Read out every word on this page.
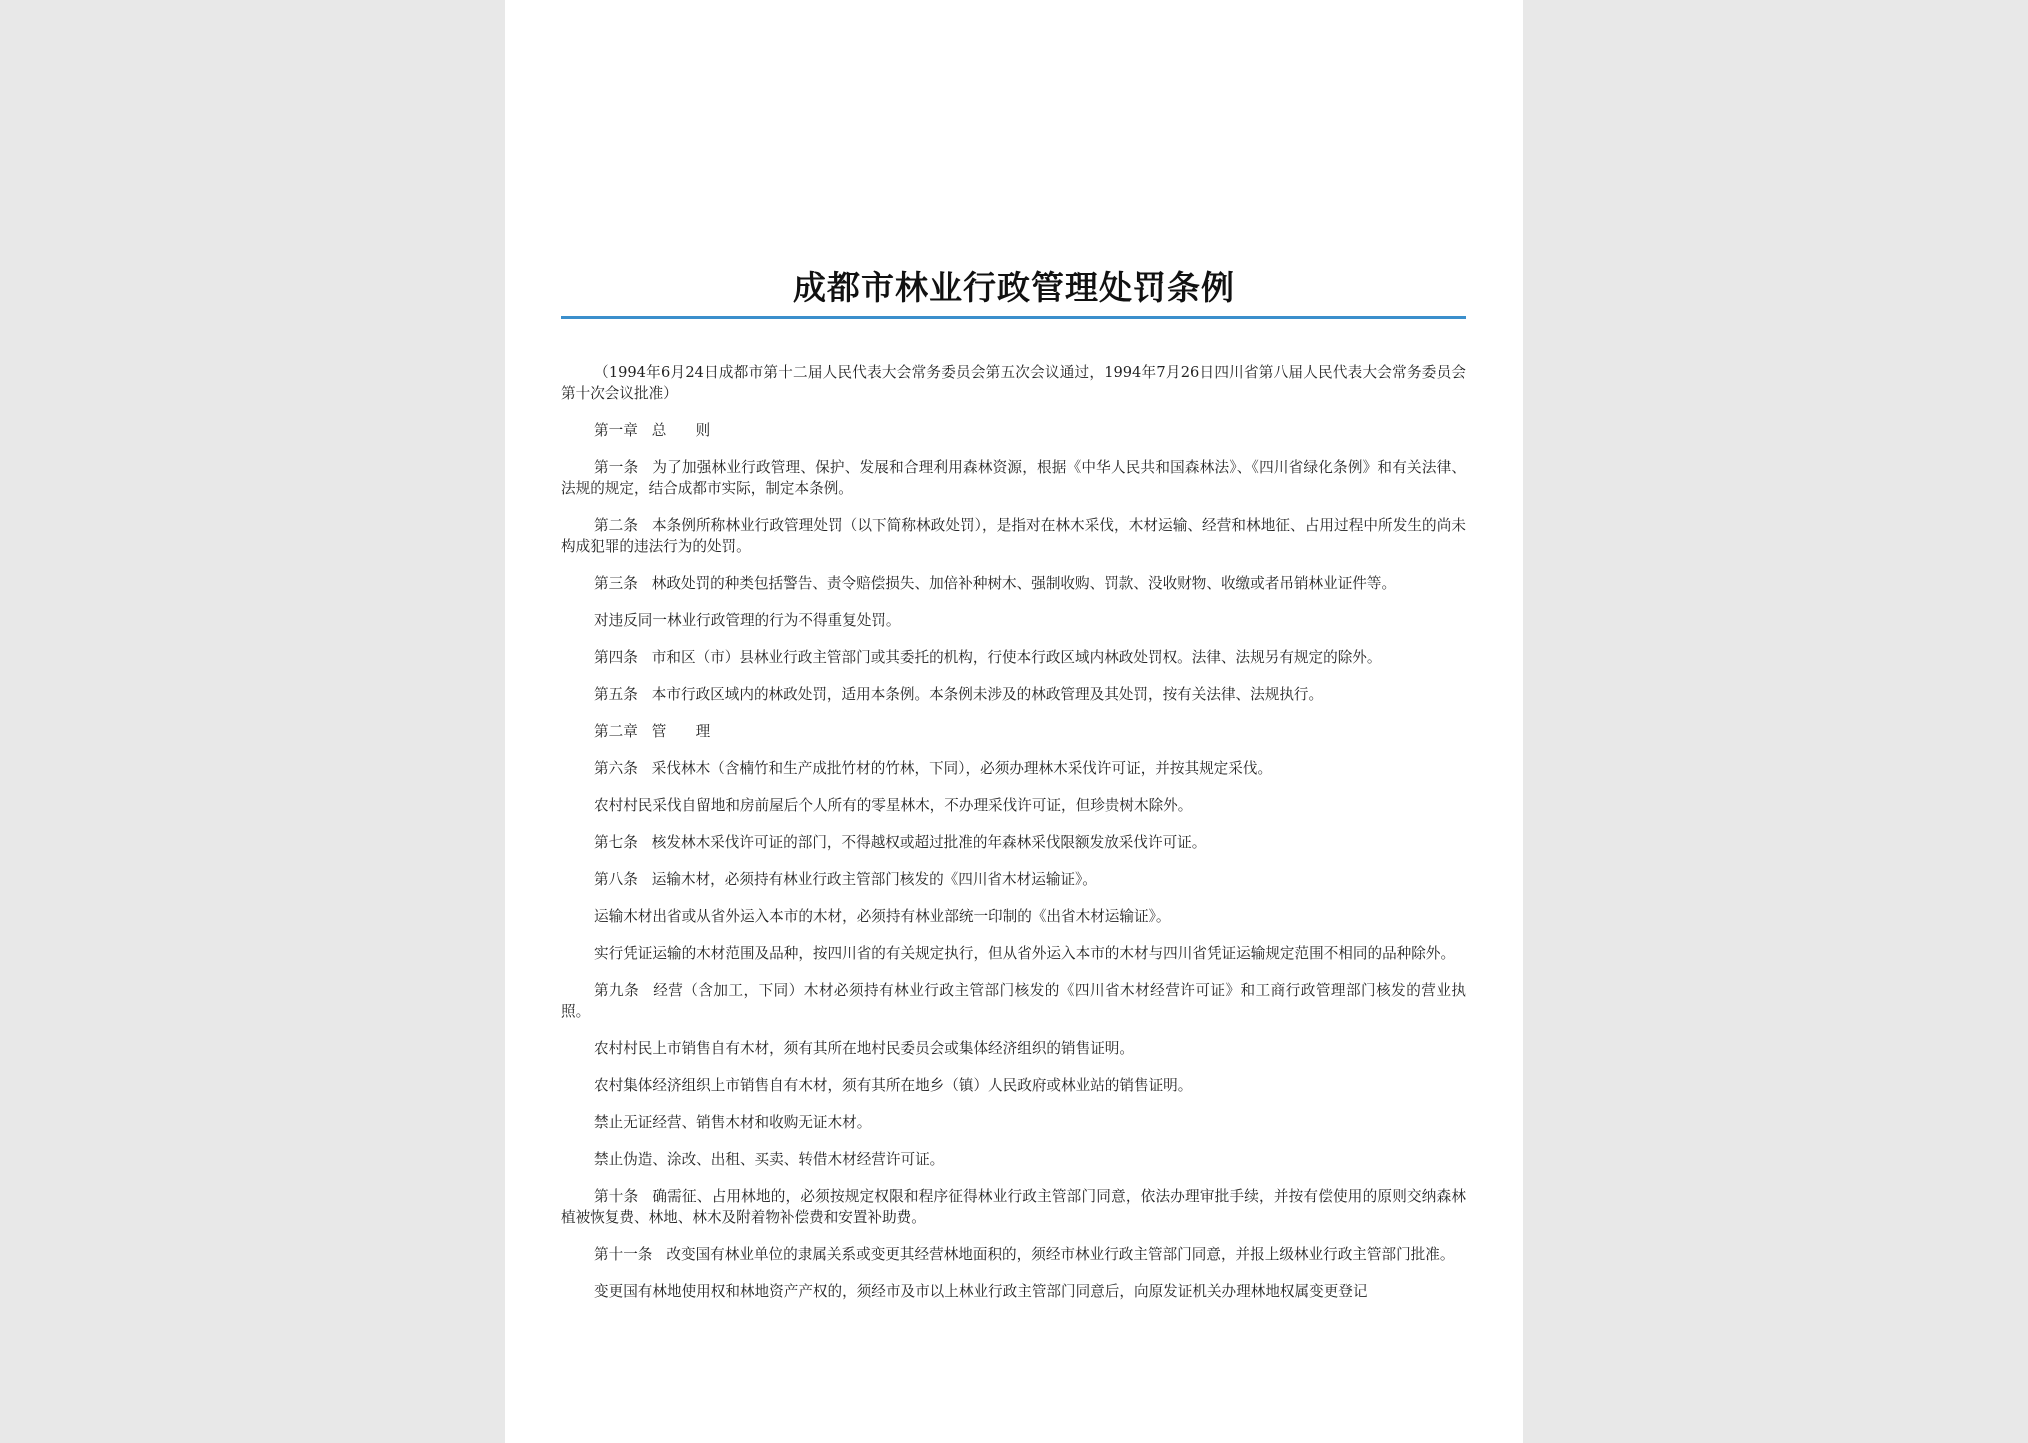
成都市林业行政管理处罚条例

（1994年6月24日成都市第十二届人民代表大会常务委员会第五次会议通过，1994年7月26日四川省第八届人民代表大会常务委员会第十次会议批准）

第一章 总　　则

第一条 为了加强林业行政管理、保护、发展和合理利用森林资源，根据《中华人民共和国森林法》、《四川省绿化条例》和有关法律、法规的规定，结合成都市实际，制定本条例。

第二条 本条例所称林业行政管理处罚（以下简称林政处罚），是指对在林木采伐，木材运输、经营和林地征、占用过程中所发生的尚未构成犯罪的违法行为的处罚。

第三条 林政处罚的种类包括警告、责令赔偿损失、加倍补种树木、强制收购、罚款、没收财物、收缴或者吊销林业证件等。

对违反同一林业行政管理的行为不得重复处罚。

第四条 市和区（市）县林业行政主管部门或其委托的机构，行使本行政区域内林政处罚权。法律、法规另有规定的除外。

第五条 本市行政区域内的林政处罚，适用本条例。本条例未涉及的林政管理及其处罚，按有关法律、法规执行。

第二章 管　　理

第六条 采伐林木（含楠竹和生产成批竹材的竹林，下同），必须办理林木采伐许可证，并按其规定采伐。

农村村民采伐自留地和房前屋后个人所有的零星林木，不办理采伐许可证，但珍贵树木除外。

第七条 核发林木采伐许可证的部门，不得越权或超过批准的年森林采伐限额发放采伐许可证。

第八条 运输木材，必须持有林业行政主管部门核发的《四川省木材运输证》。

运输木材出省或从省外运入本市的木材，必须持有林业部统一印制的《出省木材运输证》。

实行凭证运输的木材范围及品种，按四川省的有关规定执行，但从省外运入本市的木材与四川省凭证运输规定范围不相同的品种除外。

第九条 经营（含加工，下同）木材必须持有林业行政主管部门核发的《四川省木材经营许可证》和工商行政管理部门核发的营业执照。

农村村民上市销售自有木材，须有其所在地村民委员会或集体经济组织的销售证明。

农村集体经济组织上市销售自有木材，须有其所在地乡（镇）人民政府或林业站的销售证明。

禁止无证经营、销售木材和收购无证木材。

禁止伪造、涂改、出租、买卖、转借木材经营许可证。

第十条 确需征、占用林地的，必须按规定权限和程序征得林业行政主管部门同意，依法办理审批手续，并按有偿使用的原则交纳森林植被恢复费、林地、林木及附着物补偿费和安置补助费。

第十一条 改变国有林业单位的隶属关系或变更其经营林地面积的，须经市林业行政主管部门同意，并报上级林业行政主管部门批准。

变更国有林地使用权和林地资产产权的，须经市及市以上林业行政主管部门同意后，向原发证机关办理林地权属变更登记
